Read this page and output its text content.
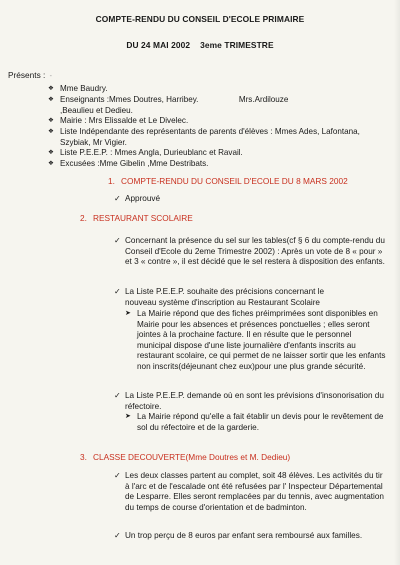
COMPTE-RENDU DU CONSEIL D'ECOLE PRIMAIRE
DU 24 MAI 2002 3eme TRIMESTRE
Présents : -
❖ Mme Baudry.
❖ Enseignants :Mmes Doutres, Harribey.                  Mrs.Ardilouze ,Beaulieu et Dedieu.
❖ Mairie : Mrs Elissalde et Le Divelec.
❖ Liste Indépendante des représentants de parents d'élèves : Mmes Ades, Lafontana, Szybiak, Mr Vigier.
❖ Liste P.E.E.P. : Mmes Angla, Durieublanc et Ravail.
❖ Excusées :Mme Gibelin ,Mme Destribats.
1. COMPTE-RENDU DU CONSEIL D'ECOLE DU 8 MARS 2002
✓ Approuvé
2. RESTAURANT SCOLAIRE
✓ Concernant la présence du sel sur les tables(cf § 6 du compte-rendu du Conseil d'Ecole du 2eme Trimestre 2002) : Après un vote de 8 « pour » et 3 « contre », il est décidé que le sel restera à disposition des enfants.
✓ La Liste P.E.E.P. souhaite des précisions concernant le nouveau système d'inscription au Restaurant Scolaire
➤ La Mairie répond que des fiches préimprimées sont disponibles en Mairie pour les absences et présences ponctuelles ; elles seront jointes à la prochaine facture. Il en résulte que le personnel municipal dispose d'une liste journalière d'enfants inscrits au restaurant scolaire, ce qui permet de ne laisser sortir que les enfants non inscrits(déjeunant chez eux)pour une plus grande sécurité.
✓ La Liste P.E.E.P. demande où en sont les prévisions d'insonorisation du réfectoire.
➤ La Mairie répond qu'elle a fait établir un devis pour le revêtement de sol du réfectoire et de la garderie.
3. CLASSE DECOUVERTE(Mme Doutres et M. Dedieu)
✓ Les deux classes partent au complet, soit 48 élèves. Les activités du tir à l'arc et de l'escalade ont été refusées par l' Inspecteur Départemental de Lesparre. Elles seront remplacées par du tennis, avec augmentation du temps de course d'orientation et de badminton.
✓ Un trop perçu de 8 euros par enfant sera remboursé aux familles.
